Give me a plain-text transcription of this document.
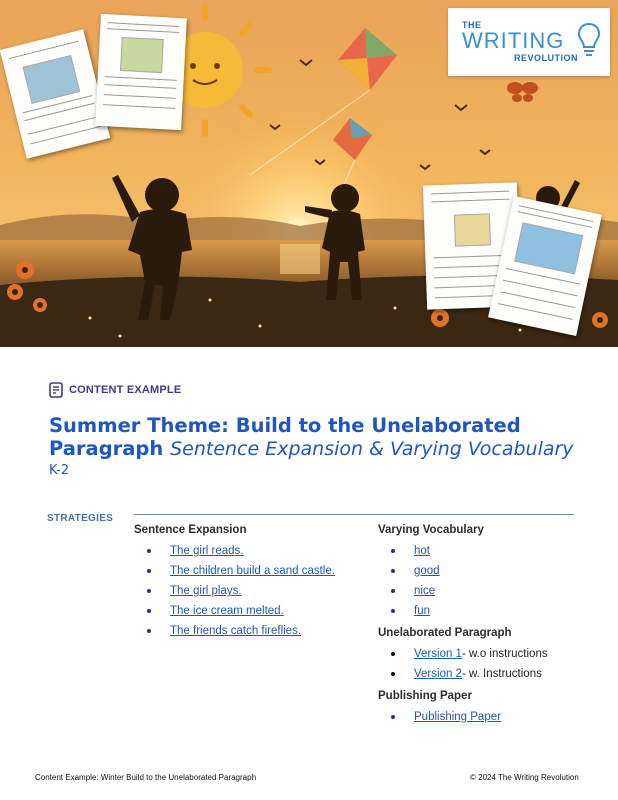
THE
WRITING
REVOLUTION
CONTENT EXAMPLE
Summer Theme: Build to the Unelaborated Paragraph Sentence Expansion & Varying Vocabulary
K-2
STRATEGIES
Sentence Expansion
The girl reads.
The children build a sand castle.
The girl plays.
The ice cream melted.
The friends catch fireflies.
Varying Vocabulary
hot
good
nice
fun
Unelaborated Paragraph
Version 1- w.o instructions
Version 2- w. Instructions
Publishing Paper
Publishing Paper
Content Example: Winter Build to the Unelaborated Paragraph	© 2024 The Writing Revolution
